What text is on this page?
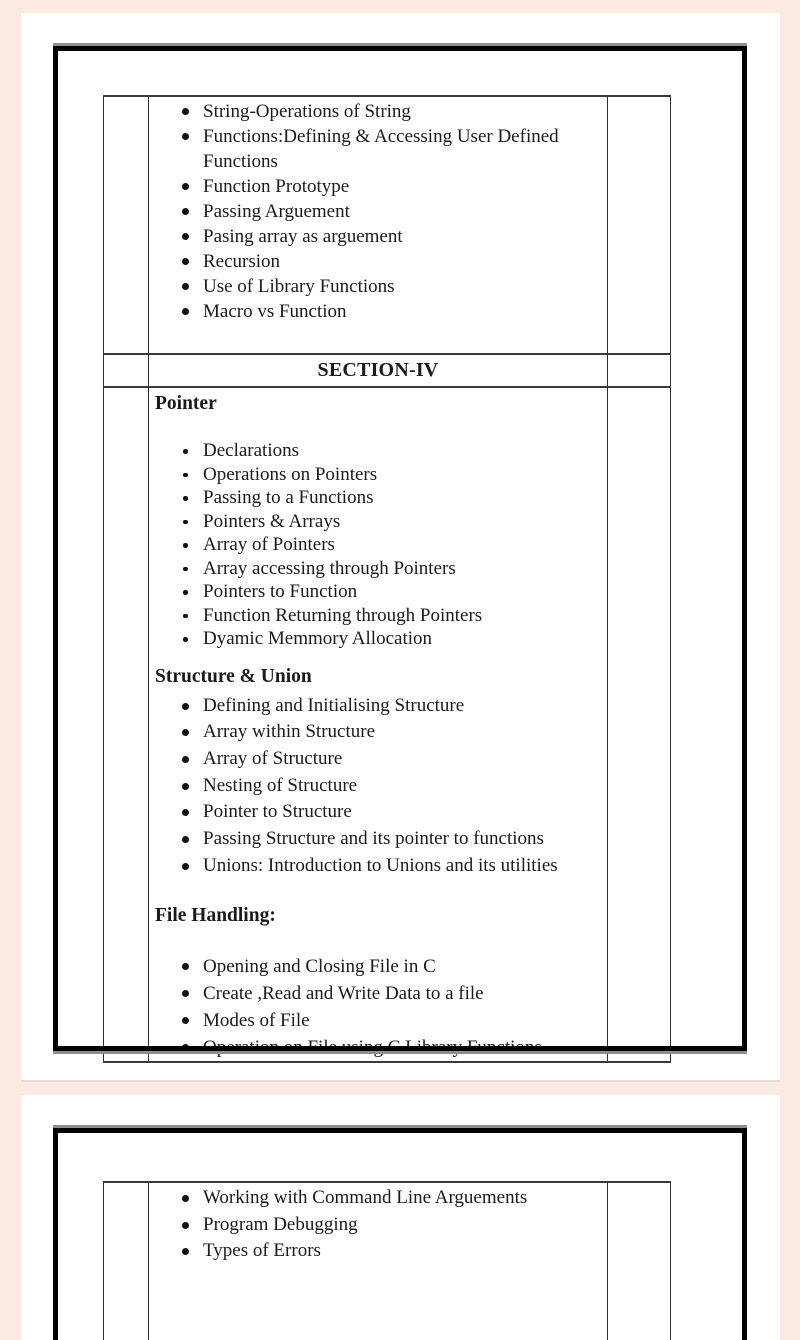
String-Operations of String
Functions:Defining & Accessing User Defined Functions
Function Prototype
Passing Arguement
Pasing array as arguement
Recursion
Use of Library Functions
Macro vs Function

	SECTION-IV	

Pointer
Declarations
Operations on Pointers
Passing to a Functions
Pointers & Arrays
Array of Pointers
Array accessing through Pointers
Pointers to Function
Function Returning through Pointers
Dyamic Memmory Allocation
Structure & Union
Defining and Initialising Structure
Array within Structure
Array of Structure
Nesting of Structure
Pointer to Structure
Passing Structure and its pointer to functions
Unions: Introduction to Unions and its utilities
File Handling:
Opening and Closing File in C
Create ,Read and Write Data to a file
Modes of File
Operation on File using C Library Functions

Working with Command Line Arguements
Program Debugging
Types of Errors
